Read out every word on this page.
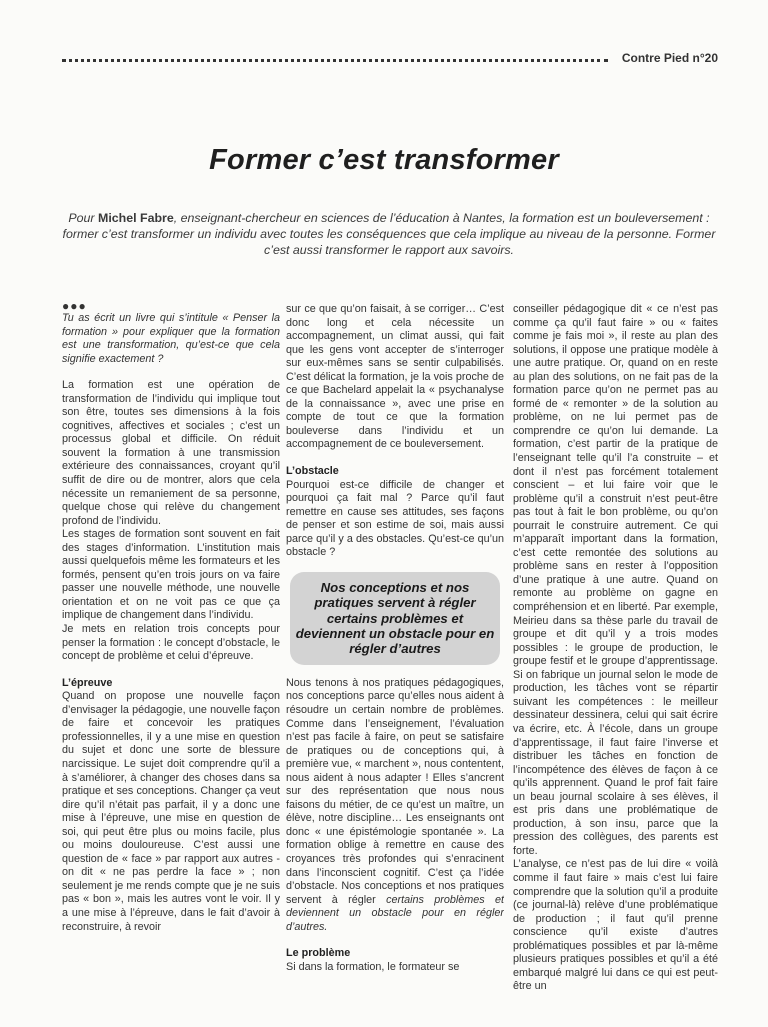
Contre Pied n°20
Former c’est transformer
Pour Michel Fabre, enseignant-chercheur en sciences de l’éducation à Nantes, la formation est un bouleversement : former c’est transformer un individu avec toutes les conséquences que cela implique au niveau de la personne. Former c’est aussi transformer le rapport aux savoirs.

●●●

Tu as écrit un livre qui s’intitule « Penser la formation » pour expliquer que la formation est une transformation, qu’est-ce que cela signifie exactement ?

La formation est une opération de transformation de l’individu qui implique tout son être, toutes ses dimensions à la fois cognitives, affectives et sociales ; c’est un processus global et difficile. On réduit souvent la formation à une transmission extérieure des connaissances, croyant qu’il suffit de dire ou de montrer, alors que cela nécessite un remaniement de sa personne, quelque chose qui relève du changement profond de l’individu.

Les stages de formation sont souvent en fait des stages d’information. L’institution mais aussi quelquefois même les formateurs et les formés, pensent qu’en trois jours on va faire passer une nouvelle méthode, une nouvelle orientation et on ne voit pas ce que ça implique de changement dans l’individu.

Je mets en relation trois concepts pour penser la formation : le concept d’obstacle, le concept de problème et celui d’épreuve.

L’épreuve

Quand on propose une nouvelle façon d’envisager la pédagogie, une nouvelle façon de faire et concevoir les pratiques professionnelles, il y a une mise en question du sujet et donc une sorte de blessure narcissique. Le sujet doit comprendre qu’il a à s’améliorer, à changer des choses dans sa pratique et ses conceptions. Changer ça veut dire qu’il n’était pas parfait, il y a donc une mise à l’épreuve, une mise en question de soi, qui peut être plus ou moins facile, plus ou moins douloureuse. C’est aussi une question de « face » par rapport aux autres - on dit « ne pas perdre la face » ; non seulement je me rends compte que je ne suis pas « bon », mais les autres vont le voir. Il y a une mise à l’épreuve, dans le fait d’avoir à reconstruire, à revoir

sur ce que qu’on faisait, à se corriger… C’est donc long et cela nécessite un accompagnement, un climat aussi, qui fait que les gens vont accepter de s’interroger sur eux-mêmes sans se sentir culpabilisés. C’est délicat la formation, je la vois proche de ce que Bachelard appelait la « psychanalyse de la connaissance », avec une prise en compte de tout ce que la formation bouleverse dans l’individu et un accompagnement de ce bouleversement.

L’obstacle

Pourquoi est-ce difficile de changer et pourquoi ça fait mal ? Parce qu’il faut remettre en cause ses attitudes, ses façons de penser et son estime de soi, mais aussi parce qu’il y a des obstacles. Qu’est-ce qu’un obstacle ?

Nos conceptions et nos pratiques servent à régler certains problèmes et deviennent un obstacle pour en régler d’autres

Nous tenons à nos pratiques pédagogiques, nos conceptions parce qu’elles nous aident à résoudre un certain nombre de problèmes. Comme dans l’enseignement, l’évaluation n’est pas facile à faire, on peut se satisfaire de pratiques ou de conceptions qui, à première vue, « marchent », nous contentent, nous aident à nous adapter ! Elles s’ancrent sur des représentation que nous nous faisons du métier, de ce qu’est un maître, un élève, notre discipline… Les enseignants ont donc « une épistémologie spontanée ». La formation oblige à remettre en cause des croyances très profondes qui s’enracinent dans l’inconscient cognitif. C’est ça l’idée d’obstacle. Nos conceptions et nos pratiques servent à régler certains problèmes et deviennent un obstacle pour en régler d’autres.

Le problème

Si dans la formation, le formateur se

conseiller pédagogique dit « ce n’est pas comme ça qu’il faut faire » ou « faites comme je fais moi », il reste au plan des solutions, il oppose une pratique modèle à une autre pratique. Or, quand on en reste au plan des solutions, on ne fait pas de la formation parce qu’on ne permet pas au formé de « remonter » de la solution au problème, on ne lui permet pas de comprendre ce qu’on lui demande. La formation, c’est partir de la pratique de l’enseignant telle qu’il l’a construite – et dont il n’est pas forcément totalement conscient – et lui faire voir que le problème qu’il a construit n’est peut-être pas tout à fait le bon problème, ou qu’on pourrait le construire autrement. Ce qui m’apparaît important dans la formation, c’est cette remontée des solutions au problème sans en rester à l’opposition d’une pratique à une autre. Quand on remonte au problème on gagne en compréhension et en liberté. Par exemple, Meirieu dans sa thèse parle du travail de groupe et dit qu’il y a trois modes possibles : le groupe de production, le groupe festif et le groupe d’apprentissage. Si on fabrique un journal selon le mode de production, les tâches vont se répartir suivant les compétences : le meilleur dessinateur dessinera, celui qui sait écrire va écrire, etc. À l’école, dans un groupe d’apprentissage, il faut faire l’inverse et distribuer les tâches en fonction de l’incompétence des élèves de façon à ce qu’ils apprennent. Quand le prof fait faire un beau journal scolaire à ses élèves, il est pris dans une problématique de production, à son insu, parce que la pression des collègues, des parents est forte.

L’analyse, ce n’est pas de lui dire « voilà comme il faut faire » mais c’est lui faire comprendre que la solution qu’il a produite (ce journal-là) relève d’une problématique de production ; il faut qu’il prenne conscience qu’il existe d’autres problématiques possibles et par là-même plusieurs pratiques possibles et qu’il a été embarqué malgré lui dans ce qui est peut-être un
